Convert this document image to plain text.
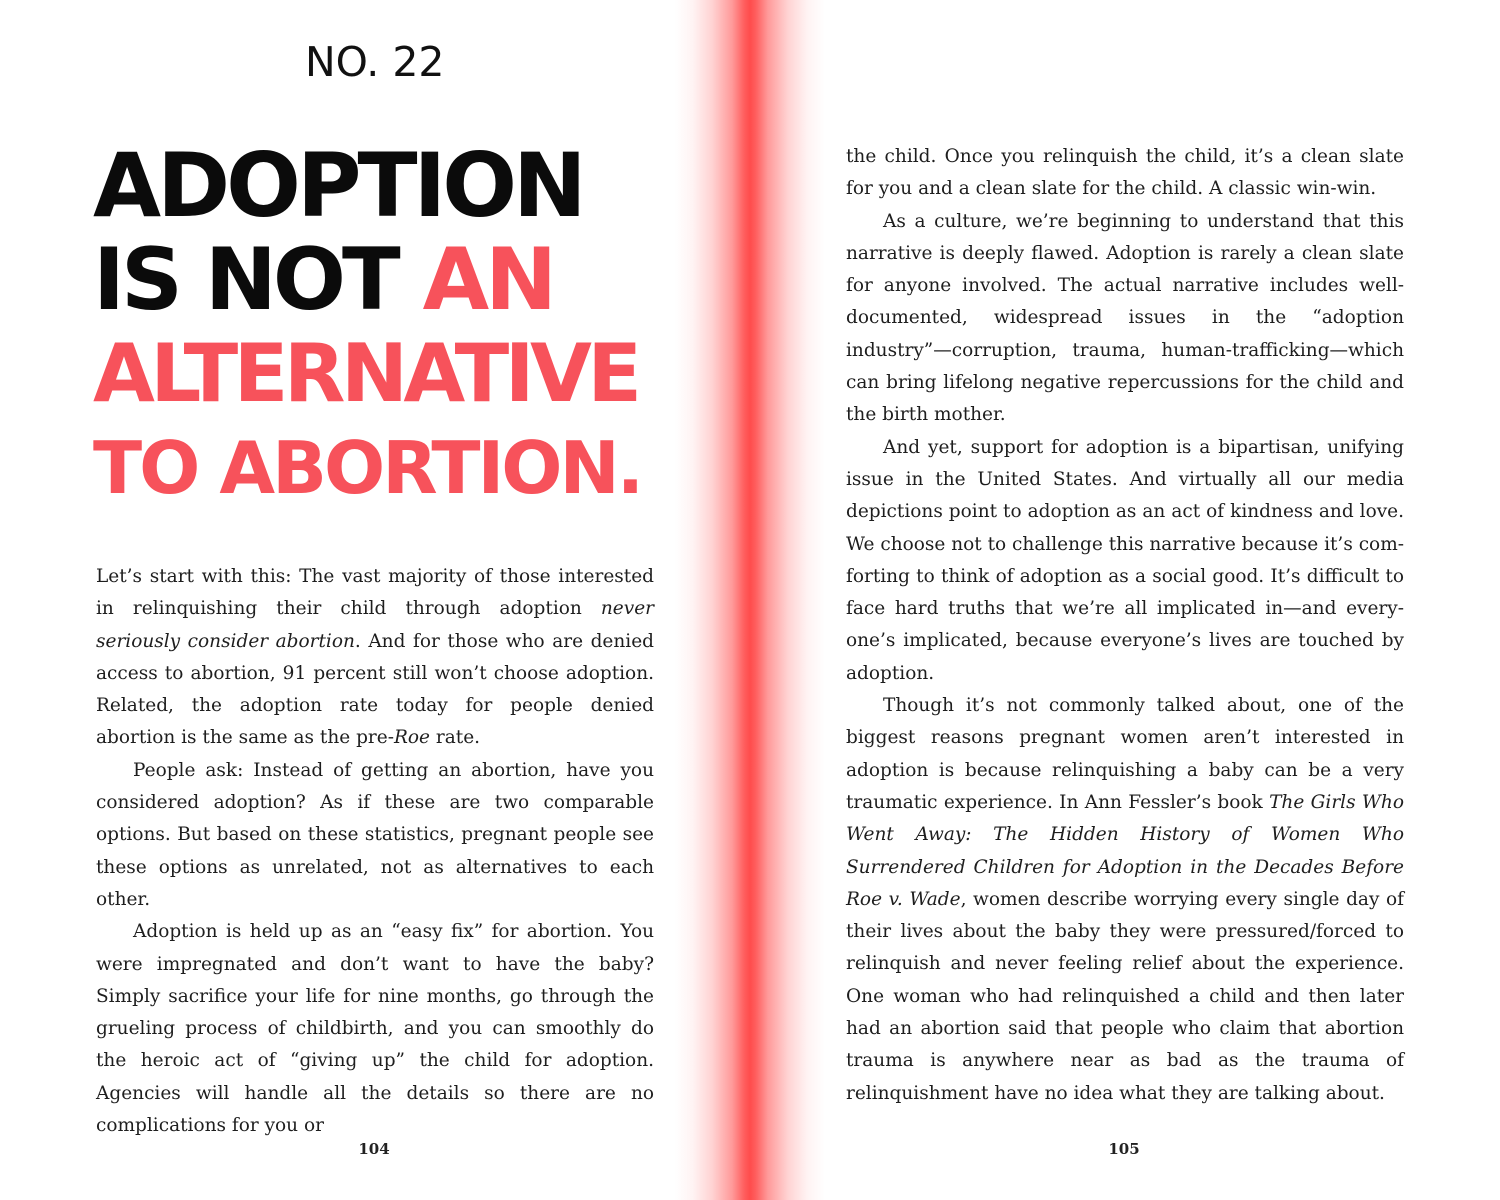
NO. 22
ADOPTION
IS NOT AN
ALTERNATIVE
TO ABORTION.

Let’s start with this: The vast majority of those interested in relinquishing their child through adoption never seriously consider abortion. And for those who are denied access to abortion, 91 percent still won’t choose adoption. Related, the adoption rate today for people denied abortion is the same as the pre-Roe rate.

People ask: Instead of getting an abortion, have you considered adoption? As if these are two comparable options. But based on these statistics, pregnant people see these options as unrelated, not as alternatives to each other.

Adoption is held up as an “easy fix” for abortion. You were impregnated and don’t want to have the baby? Simply sacrifice your life for nine months, go through the grueling process of childbirth, and you can smoothly do the heroic act of “giving up” the child for adoption. Agencies will handle all the details so there are no complications for you or

104

the child. Once you relinquish the child, it’s a clean slate for you and a clean slate for the child. A classic win-win.

As a culture, we’re beginning to understand that this narrative is deeply flawed. Adoption is rarely a clean slate for anyone involved. The actual narrative includes well-documented, widespread issues in the “adoption industry”—corruption, trauma, human-trafficking—which can bring lifelong negative repercussions for the child and the birth mother.

And yet, support for adoption is a bipartisan, unifying issue in the United States. And virtually all our media depictions point to adoption as an act of kindness and love. We choose not to challenge this narrative because it’s comforting to think of adoption as a social good. It’s difficult to face hard truths that we’re all implicated in—and everyone’s implicated, because everyone’s lives are touched by adoption.

Though it’s not commonly talked about, one of the biggest reasons pregnant women aren’t interested in adoption is because relinquishing a baby can be a very traumatic experience. In Ann Fessler’s book The Girls Who Went Away: The Hidden History of Women Who Surrendered Children for Adoption in the Decades Before Roe v. Wade, women describe worrying every single day of their lives about the baby they were pressured/forced to relinquish and never feeling relief about the experience. One woman who had relinquished a child and then later had an abortion said that people who claim that abortion trauma is anywhere near as bad as the trauma of relinquishment have no idea what they are talking about.

105
